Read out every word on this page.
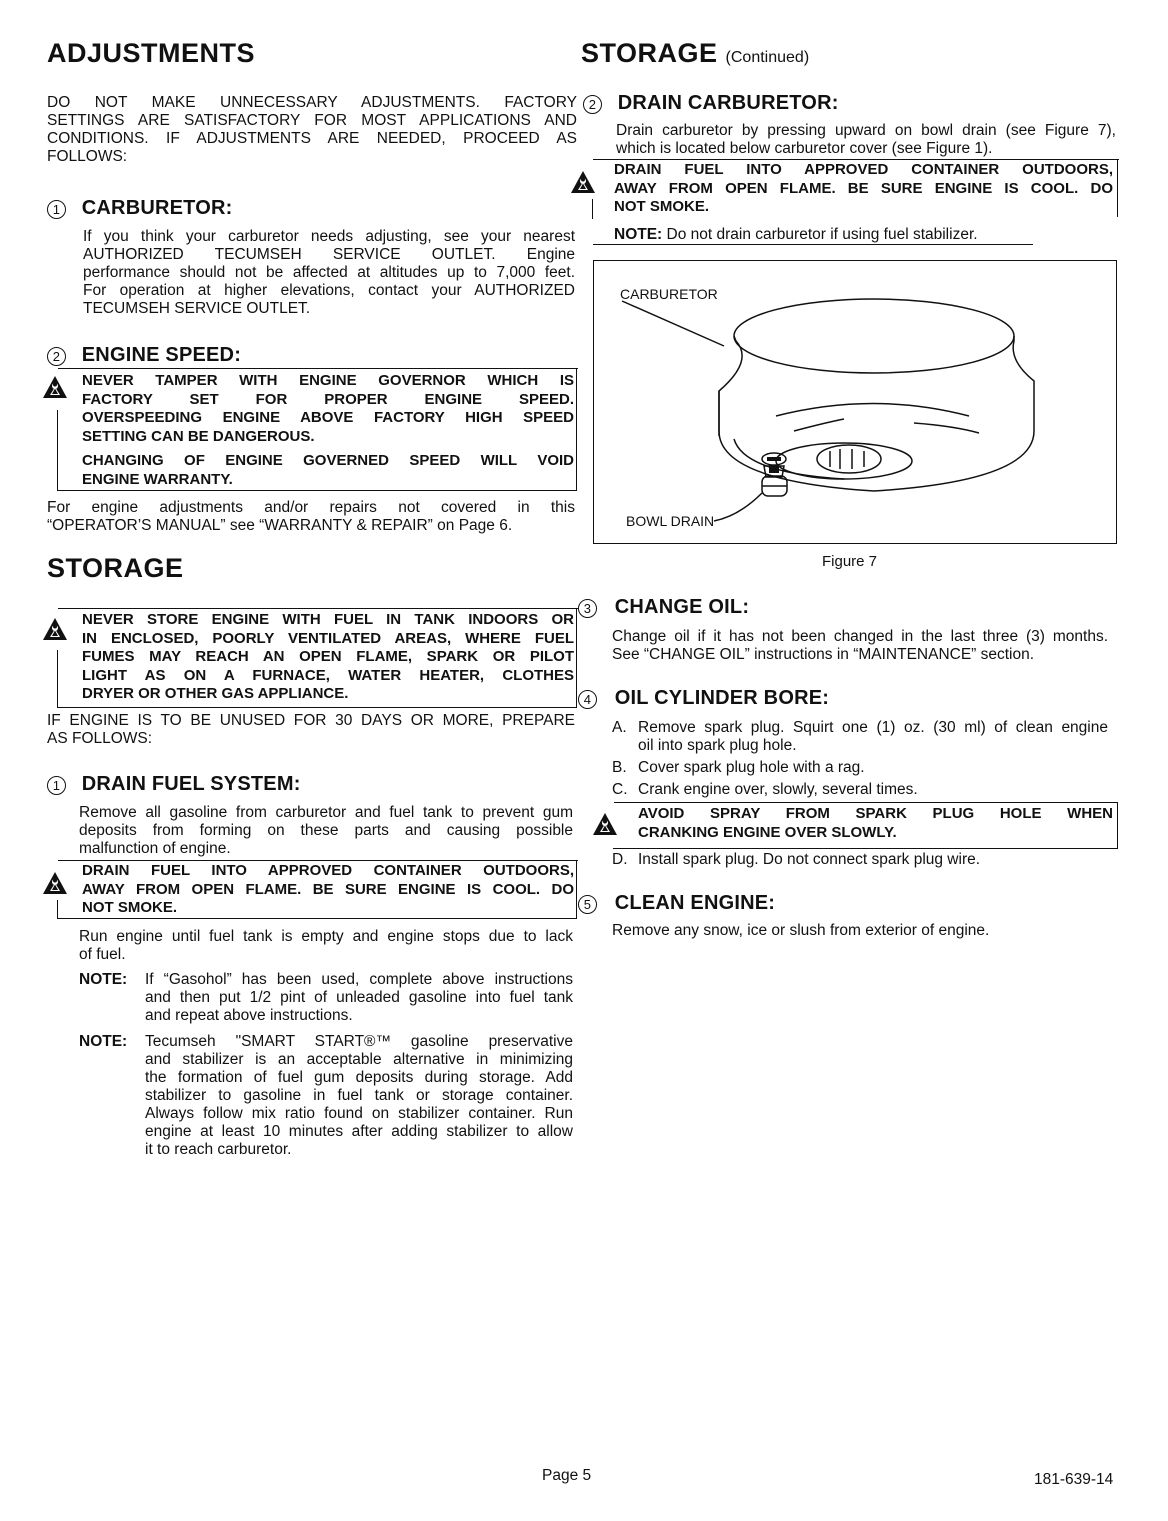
ADJUSTMENTS	STORAGE (Continued)
DO NOT MAKE UNNECESSARY ADJUSTMENTS. FACTORY
SETTINGS ARE SATISFACTORY FOR MOST APPLICATIONS AND
CONDITIONS. IF ADJUSTMENTS ARE NEEDED, PROCEED AS
FOLLOWS:
1 CARBURETOR:
If you think your carburetor needs adjusting, see your nearest
AUTHORIZED TECUMSEH SERVICE OUTLET. Engine
performance should not be affected at altitudes up to 7,000 feet.
For operation at higher elevations, contact your AUTHORIZED
TECUMSEH SERVICE OUTLET.
2 ENGINE SPEED:

NEVER TAMPER WITH ENGINE GOVERNOR WHICH IS

FACTORY SET FOR PROPER ENGINE SPEED.

OVERSPEEDING ENGINE ABOVE FACTORY HIGH SPEED

SETTING CAN BE DANGEROUS.

CHANGING OF ENGINE GOVERNED SPEED WILL VOID

ENGINE WARRANTY.

For engine adjustments and/or repairs not covered in this
“OPERATOR’S MANUAL” see “WARRANTY & REPAIR” on Page 6.
STORAGE

NEVER STORE ENGINE WITH FUEL IN TANK INDOORS OR

IN ENCLOSED, POORLY VENTILATED AREAS, WHERE FUEL

FUMES MAY REACH AN OPEN FLAME, SPARK OR PILOT

LIGHT AS ON A FURNACE, WATER HEATER, CLOTHES

DRYER OR OTHER GAS APPLIANCE.

IF ENGINE IS TO BE UNUSED FOR 30 DAYS OR MORE, PREPARE
AS FOLLOWS:
1 DRAIN FUEL SYSTEM:
Remove all gasoline from carburetor and fuel tank to prevent gum
deposits from forming on these parts and causing possible
malfunction of engine.

DRAIN FUEL INTO APPROVED CONTAINER OUTDOORS,

AWAY FROM OPEN FLAME. BE SURE ENGINE IS COOL. DO

NOT SMOKE.

Run engine until fuel tank is empty and engine stops due to lack
of fuel.
NOTE: If “Gasohol” has been used, complete above instructions
and then put 1/2 pint of unleaded gasoline into fuel tank
and repeat above instructions.
NOTE: Tecumseh "SMART START®™ gasoline preservative
and stabilizer is an acceptable alternative in minimizing
the formation of fuel gum deposits during storage. Add
stabilizer to gasoline in fuel tank or storage container.
Always follow mix ratio found on stabilizer container. Run
engine at least 10 minutes after adding stabilizer to allow
it to reach carburetor.
2 DRAIN CARBURETOR:
Drain carburetor by pressing upward on bowl drain (see Figure 7),
which is located below carburetor cover (see Figure 1).

DRAIN FUEL INTO APPROVED CONTAINER OUTDOORS,

AWAY FROM OPEN FLAME. BE SURE ENGINE IS COOL. DO

NOT SMOKE.

NOTE: Do not drain carburetor if using fuel stabilizer.
CARBURETOR
BOWL DRAIN
Figure 7
3 CHANGE OIL:
Change oil if it has not been changed in the last three (3) months.
See “CHANGE OIL” instructions in “MAINTENANCE” section.
4 OIL CYLINDER BORE:
A. Remove spark plug. Squirt one (1) oz. (30 ml) of clean engine
oil into spark plug hole.
B. Cover spark plug hole with a rag.
C. Crank engine over, slowly, several times.

AVOID SPRAY FROM SPARK PLUG HOLE WHEN

CRANKING ENGINE OVER SLOWLY.

D. Install spark plug. Do not connect spark plug wire.
5 CLEAN ENGINE:
Remove any snow, ice or slush from exterior of engine.
Page 5	181-639-14
